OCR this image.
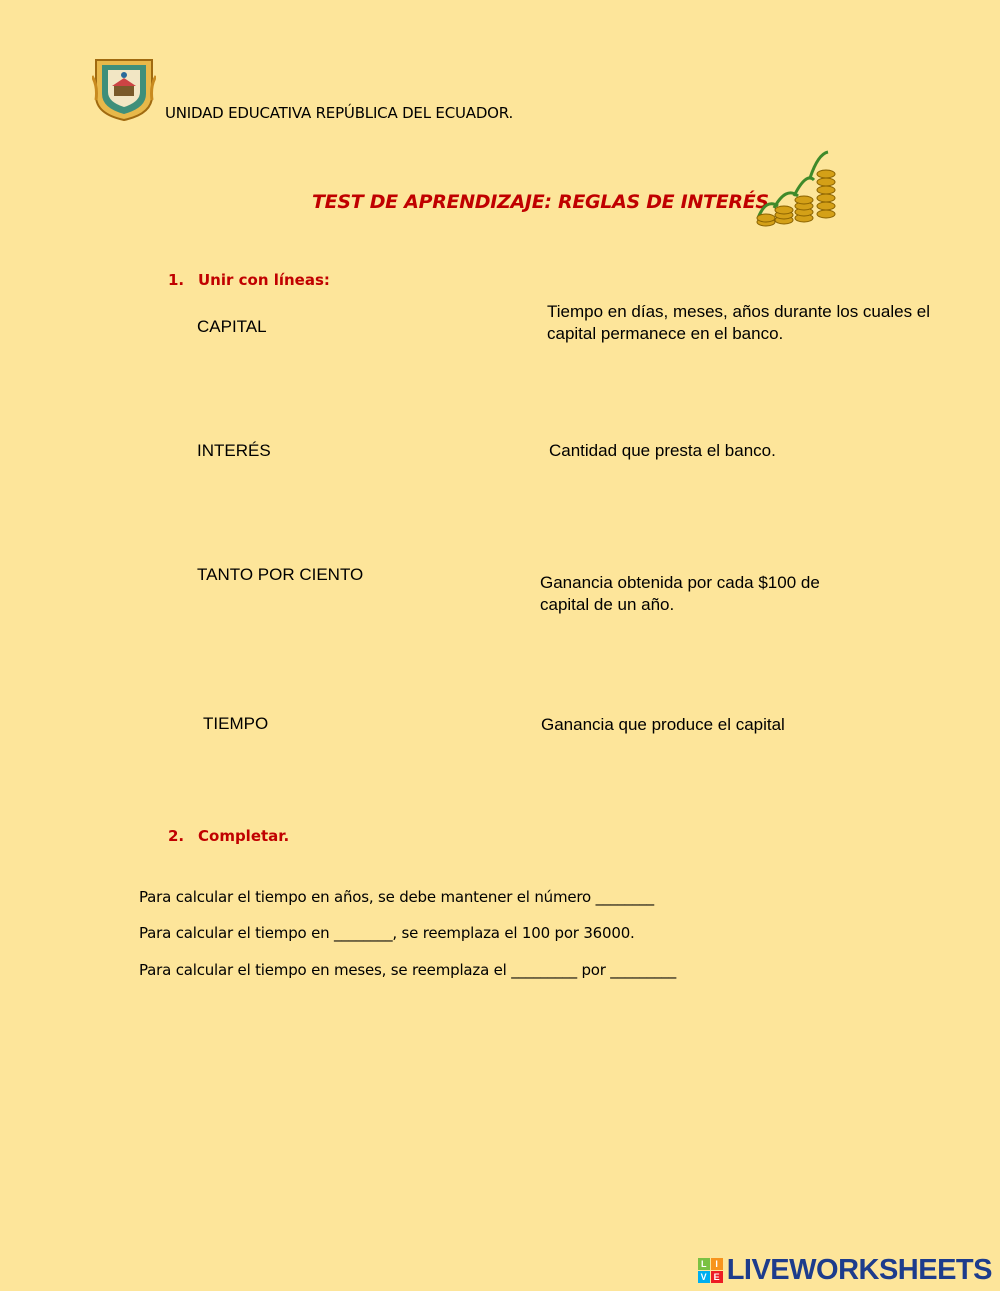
UNIDAD EDUCATIVA REPÚBLICA DEL ECUADOR.
TEST DE APRENDIZAJE: REGLAS DE INTERÉS
1. Unir con líneas:
CAPITAL
INTERÉS
TANTO POR CIENTO
TIEMPO
Tiempo en días, meses, años durante los cuales el capital permanece en el banco.
Cantidad que presta el banco.
Ganancia obtenida por cada $100 de capital de un año.
Ganancia que produce el capital
2. Completar.
Para calcular el tiempo en años, se debe mantener el número ________
Para calcular el tiempo en ________, se reemplaza el 100 por 36000.
Para calcular el tiempo en meses, se reemplaza el _________ por _________
L I
V E LIVEWORKSHEETS
